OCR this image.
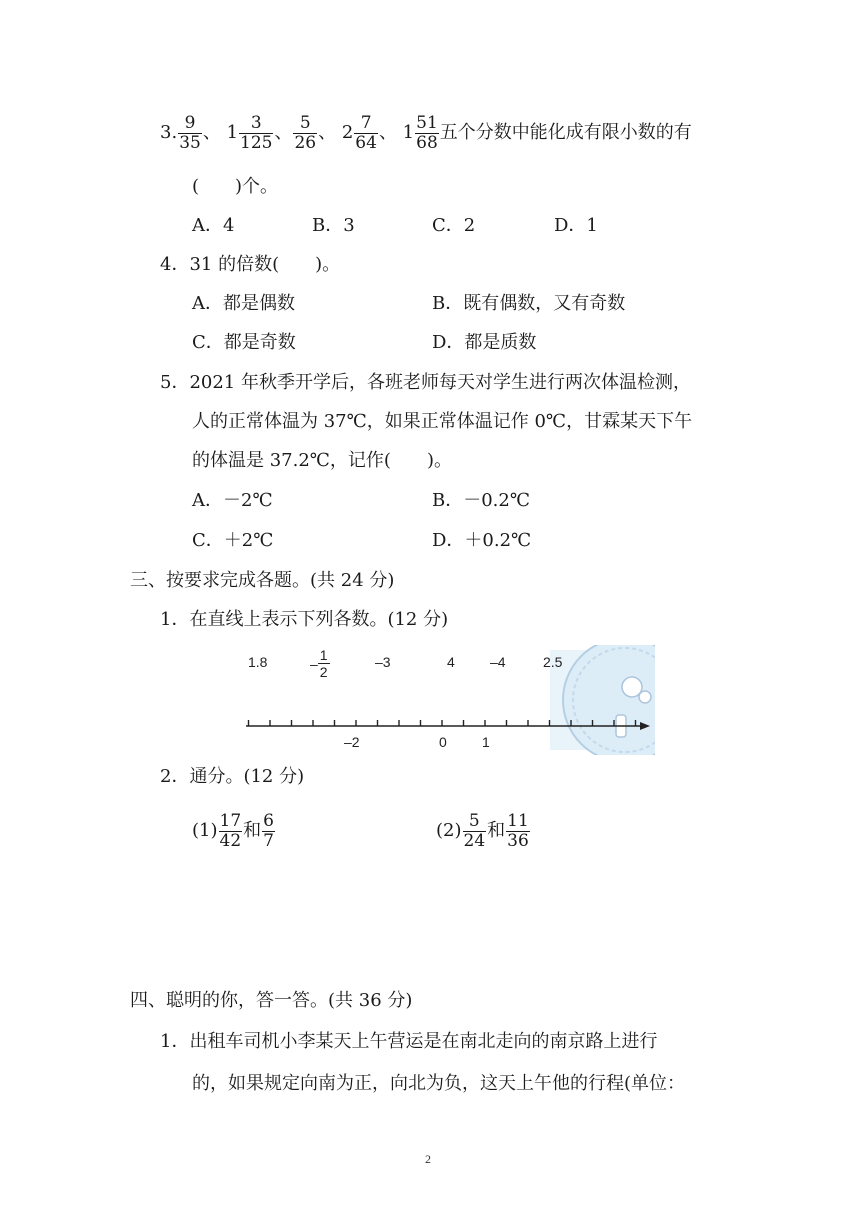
3. $\frac{9}{35}$ 、 $1 \frac{3}{125}$ 、 $\frac{5}{26}$ 、 $2 \frac{7}{64}$ 、 $1 \frac{51}{68}$ 五个分数中能化成有限小数的有
(　　)个。
A．4	B．3	C．2	D．1
4．31 的倍数(　　)。
A．都是偶数	B．既有偶数，又有奇数
C．都是奇数	D．都是质数
5．2021 年秋季开学后，各班老师每天对学生进行两次体温检测，
人的正常体温为 37℃，如果正常体温记作 0℃，甘霖某天下午
的体温是 37.2℃，记作(　　)。
A．－2℃	B．－0.2℃
C．＋2℃	D．＋0.2℃
三、按要求完成各题。(共 24 分)
1．在直线上表示下列各数。(12 分)
1.8	–
1
2
–3	4	–4	2.5
–2	0	1
2．通分。(12 分)
$(1) \frac{17}{42}$ 和 $\frac{6}{7}$	$(2) \frac{5}{24}$ 和 $\frac{11}{36}$
四、聪明的你，答一答。(共 36 分)
1．出租车司机小李某天上午营运是在南北走向的南京路上进行
的，如果规定向南为正，向北为负，这天上午他的行程(单位：
2
